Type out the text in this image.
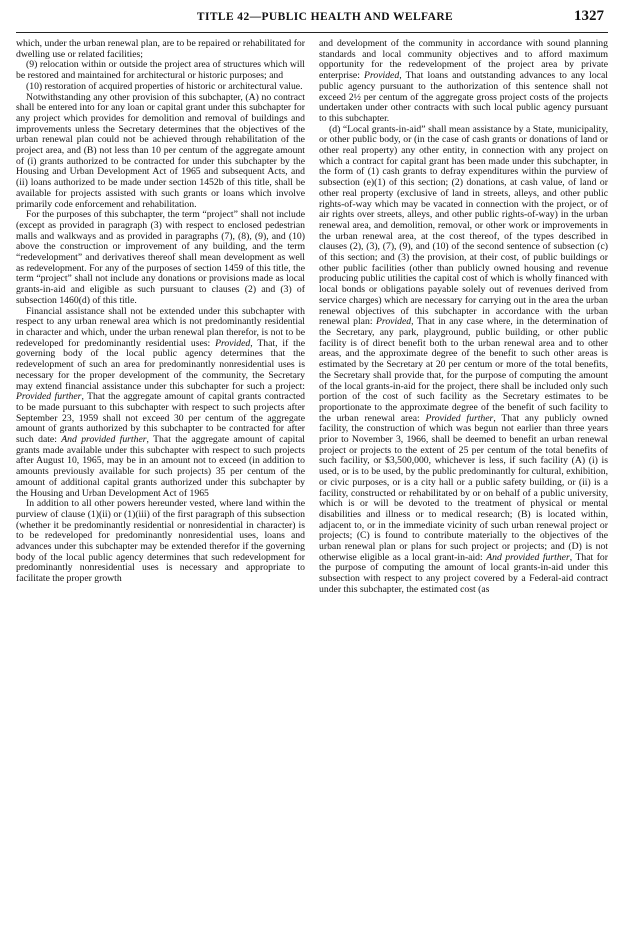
TITLE 42—PUBLIC HEALTH AND WELFARE	1327

which, under the urban renewal plan, are to be repaired or rehabilitated for dwelling use or related facilities;

(9) relocation within or outside the project area of structures which will be restored and maintained for architectural or historic purposes; and

(10) restoration of acquired properties of historic or architectural value.

Notwithstanding any other provision of this subchapter, (A) no contract shall be entered into for any loan or capital grant under this subchapter for any project which provides for demolition and removal of buildings and improvements unless the Secretary determines that the objectives of the urban renewal plan could not be achieved through rehabilitation of the project area, and (B) not less than 10 per centum of the aggregate amount of (i) grants authorized to be contracted for under this subchapter by the Housing and Urban Development Act of 1965 and subsequent Acts, and (ii) loans authorized to be made under section 1452b of this title, shall be available for projects assisted with such grants or loans which involve primarily code enforcement and rehabilitation.

For the purposes of this subchapter, the term “project” shall not include (except as provided in paragraph (3) with respect to enclosed pedestrian malls and walkways and as provided in paragraphs (7), (8), (9), and (10) above the construction or improvement of any building, and the term “redevelopment” and derivatives thereof shall mean development as well as redevelopment. For any of the purposes of section 1459 of this title, the term “project” shall not include any donations or provisions made as local grants-in-aid and eligible as such pursuant to clauses (2) and (3) of subsection 1460(d) of this title.

Financial assistance shall not be extended under this subchapter with respect to any urban renewal area which is not predominantly residential in character and which, under the urban renewal plan therefor, is not to be redeveloped for predominantly residential uses: Provided, That, if the governing body of the local public agency determines that the redevelopment of such an area for predominantly nonresidential uses is necessary for the proper development of the community, the Secretary may extend financial assistance under this subchapter for such a project: Provided further, That the aggregate amount of capital grants contracted to be made pursuant to this subchapter with respect to such projects after September 23, 1959 shall not exceed 30 per centum of the aggregate amount of grants authorized by this subchapter to be contracted for after such date: And provided further, That the aggregate amount of capital grants made available under this subchapter with respect to such projects after August 10, 1965, may be in an amount not to exceed (in addition to amounts previously available for such projects) 35 per centum of the amount of additional capital grants authorized under this subchapter by the Housing and Urban Development Act of 1965

In addition to all other powers hereunder vested, where land within the purview of clause (1)(ii) or (1)(iii) of the first paragraph of this subsection (whether it be predominantly residential or nonresidential in character) is to be redeveloped for predominantly nonresidential uses, loans and advances under this subchapter may be extended therefor if the governing body of the local public agency determines that such redevelopment for predominantly nonresidential uses is necessary and appropriate to facilitate the proper growth

and development of the community in accordance with sound planning standards and local community objectives and to afford maximum opportunity for the redevelopment of the project area by private enterprise: Provided, That loans and outstanding advances to any local public agency pursuant to the authorization of this sentence shall not exceed 2½ per centum of the aggregate gross project costs of the projects undertaken under other contracts with such local public agency pursuant to this subchapter.

(d) “Local grants-in-aid” shall mean assistance by a State, municipality, or other public body, or (in the case of cash grants or donations of land or other real property) any other entity, in connection with any project on which a contract for capital grant has been made under this subchapter, in the form of (1) cash grants to defray expenditures within the purview of subsection (e)(1) of this section; (2) donations, at cash value, of land or other real property (exclusive of land in streets, alleys, and other public rights-of-way which may be vacated in connection with the project, or of air rights over streets, alleys, and other public rights-of-way) in the urban renewal area, and demolition, removal, or other work or improvements in the urban renewal area, at the cost thereof, of the types described in clauses (2), (3), (7), (9), and (10) of the second sentence of subsection (c) of this section; and (3) the provision, at their cost, of public buildings or other public facilities (other than publicly owned housing and revenue producing public utilities the capital cost of which is wholly financed with local bonds or obligations payable solely out of revenues derived from service charges) which are necessary for carrying out in the area the urban renewal objectives of this subchapter in accordance with the urban renewal plan: Provided, That in any case where, in the determination of the Secretary, any park, playground, public building, or other public facility is of direct benefit both to the urban renewal area and to other areas, and the approximate degree of the benefit to such other areas is estimated by the Secretary at 20 per centum or more of the total benefits, the Secretary shall provide that, for the purpose of computing the amount of the local grants-in-aid for the project, there shall be included only such portion of the cost of such facility as the Secretary estimates to be proportionate to the approximate degree of the benefit of such facility to the urban renewal area: Provided further, That any publicly owned facility, the construction of which was begun not earlier than three years prior to November 3, 1966, shall be deemed to benefit an urban renewal project or projects to the extent of 25 per centum of the total benefits of such facility, or $3,500,000, whichever is less, if such facility (A) (i) is used, or is to be used, by the public predominantly for cultural, exhibition, or civic purposes, or is a city hall or a public safety building, or (ii) is a facility, constructed or rehabilitated by or on behalf of a public university, which is or will be devoted to the treatment of physical or mental disabilities and illness or to medical research; (B) is located within, adjacent to, or in the immediate vicinity of such urban renewal project or projects; (C) is found to contribute materially to the objectives of the urban renewal plan or plans for such project or projects; and (D) is not otherwise eligible as a local grant-in-aid: And provided further, That for the purpose of computing the amount of local grants-in-aid under this subsection with respect to any project covered by a Federal-aid contract under this subchapter, the estimated cost (as
